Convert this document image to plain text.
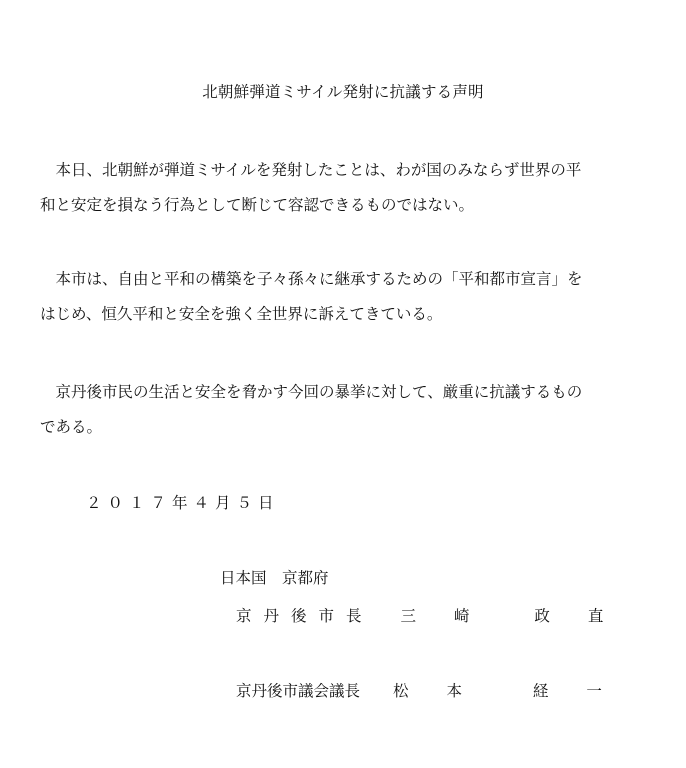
北朝鮮弾道ミサイル発射に抗議する声明
　本日、北朝鮮が弾道ミサイルを発射したことは、わが国のみならず世界の平
和と安定を損なう行為として断じて容認できるものではない。
　本市は、自由と平和の構築を子々孫々に継承するための「平和都市宣言」を
はじめ、恒久平和と安全を強く全世界に訴えてきている。
　京丹後市民の生活と安全を脅かす今回の暴挙に対して、厳重に抗議するもの
である。
２０１７年４月５日
日本国　京都府
京丹後市長 三崎 政直
京丹後市議会議長 松本 経一
